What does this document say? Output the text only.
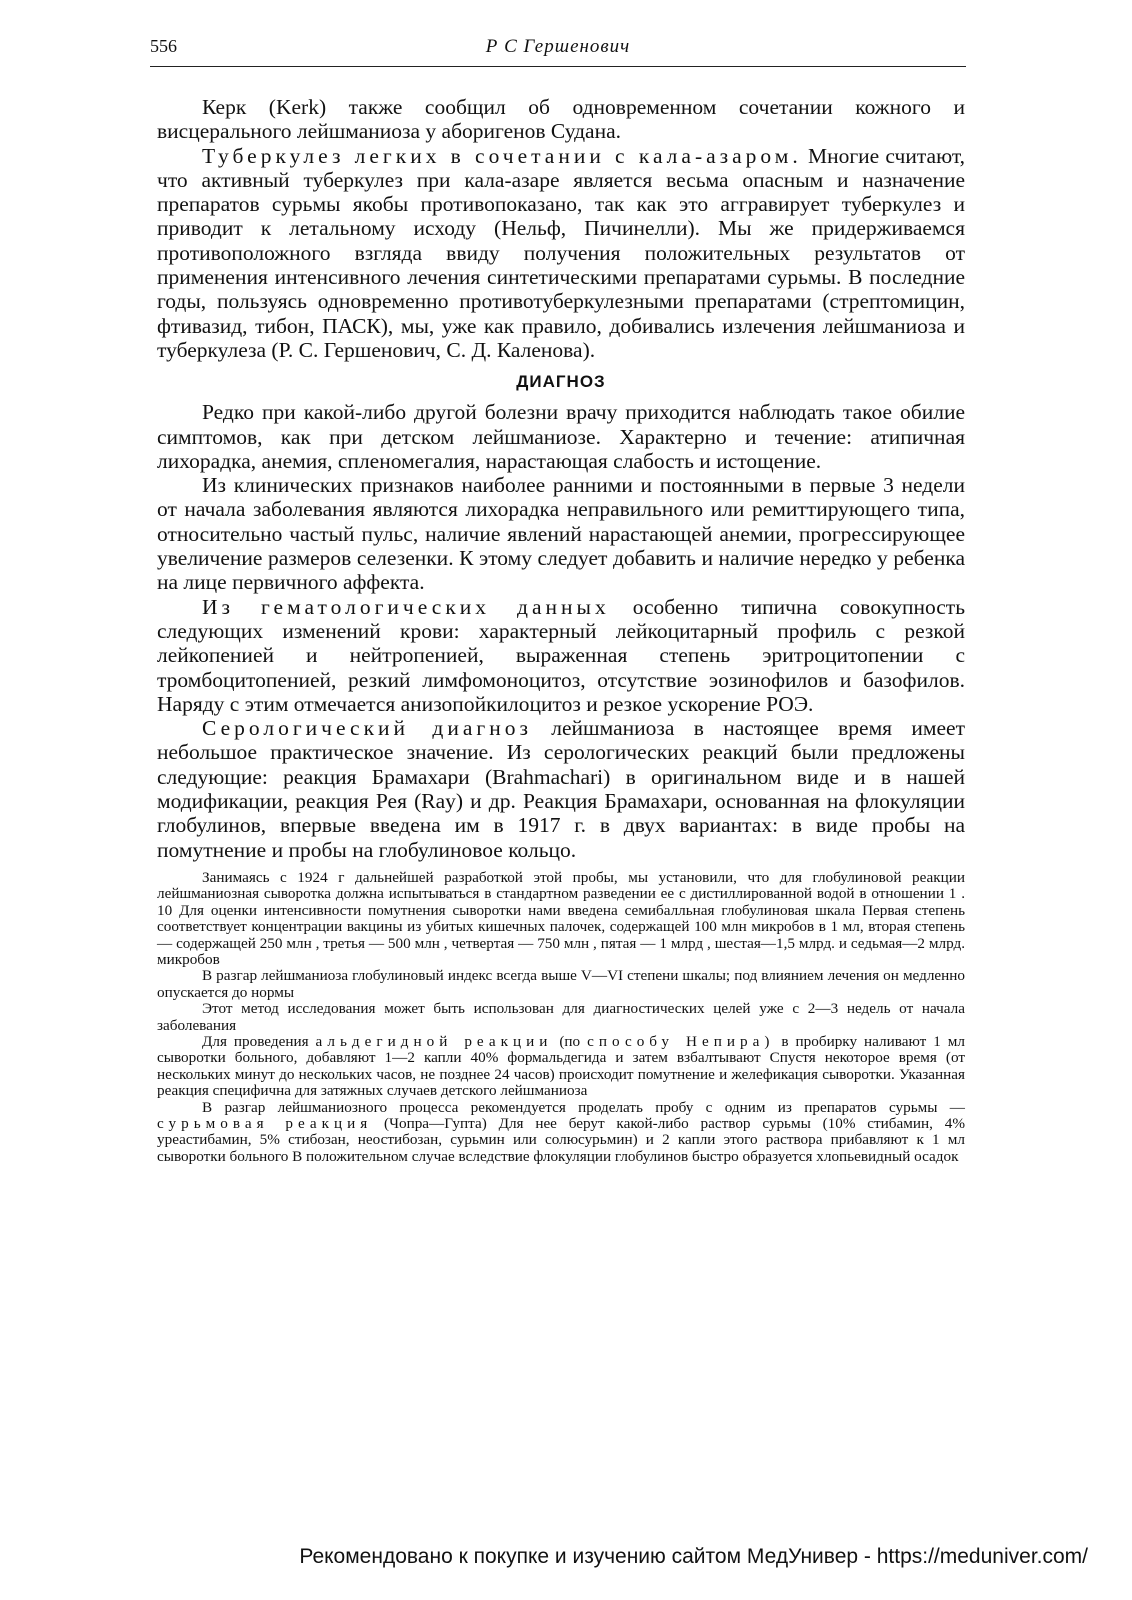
556	Р С Гершенович

Керк (Kerk) также сообщил об одновременном сочетании кожного и висцерального лейшманиоза у аборигенов Судана.

Туберкулез легких в сочетании с кала-азаром. Многие считают, что активный туберкулез при кала-азаре является весьма опасным и назначение препаратов сурьмы якобы противопоказано, так как это аггравирует туберкулез и приводит к летальному исходу (Нельф, Пичинелли). Мы же придерживаемся противоположного взгляда ввиду получения положительных результатов от применения интенсивного лечения синтетическими препаратами сурьмы. В последние годы, пользуясь одновременно противотуберкулезными препаратами (стрептомицин, фтивазид, тибон, ПАСК), мы, уже как правило, добивались излечения лейшманиоза и туберкулеза (Р. С. Гершенович, С. Д. Каленова).

ДИАГНОЗ

Редко при какой-либо другой болезни врачу приходится наблюдать такое обилие симптомов, как при детском лейшманиозе. Характерно и течение: атипичная лихорадка, анемия, спленомегалия, нарастающая слабость и истощение.

Из клинических признаков наиболее ранними и постоянными в первые 3 недели от начала заболевания являются лихорадка неправильного или ремиттирующего типа, относительно частый пульс, наличие явлений нарастающей анемии, прогрессирующее увеличение размеров селезенки. К этому следует добавить и наличие нередко у ребенка на лице первичного аффекта.

Из гематологических данных особенно типична совокупность следующих изменений крови: характерный лейкоцитарный профиль с резкой лейкопенией и нейтропенией, выраженная степень эритроцитопении с тромбоцитопенией, резкий лимфомоноцитоз, отсутствие эозинофилов и базофилов. Наряду с этим отмечается анизопойкилоцитоз и резкое ускорение РОЭ.

Серологический диагноз лейшманиоза в настоящее время имеет небольшое практическое значение. Из серологических реакций были предложены следующие: реакция Брамахари (Brahmachari) в оригинальном виде и в нашей модификации, реакция Рея (Ray) и др. Реакция Брамахари, основанная на флокуляции глобулинов, впервые введена им в 1917 г. в двух вариантах: в виде пробы на помутнение и пробы на глобулиновое кольцо.

Занимаясь с 1924 г дальнейшей разработкой этой пробы, мы установили, что для глобулиновой реакции лейшманиозная сыворотка должна испытываться в стандартном разведении ее с дистиллированной водой в отношении 1 . 10 Для оценки интенсивности помутнения сыворотки нами введена семибалльная глобулиновая шкала Первая степень соответствует концентрации вакцины из убитых кишечных палочек, содержащей 100 млн микробов в 1 мл, вторая степень — содержащей 250 млн , третья — 500 млн , четвертая — 750 млн , пятая — 1 млрд , шестая—1,5 млрд. и седьмая—2 млрд. микробов

В разгар лейшманиоза глобулиновый индекс всегда выше V—VI степени шкалы; под влиянием лечения он медленно опускается до нормы

Этот метод исследования может быть использован для диагностических целей уже с 2—3 недель от начала заболевания

Для проведения альдегидной реакции (по способу Непира) в пробирку наливают 1 мл сыворотки больного, добавляют 1—2 капли 40% формальдегида и затем взбалтывают Спустя некоторое время (от нескольких минут до нескольких часов, не позднее 24 часов) происходит помутнение и желефикация сыворотки. Указанная реакция специфична для затяжных случаев детского лейшманиоза

В разгар лейшманиозного процесса рекомендуется проделать пробу с одним из препаратов сурьмы — сурьмовая реакция (Чопра—Гупта) Для нее берут какой-либо раствор сурьмы (10% стибамин, 4% уреастибамин, 5% стибозан, неостибозан, сурьмин или солюсурьмин) и 2 капли этого раствора прибавляют к 1 мл сыворотки больного В положительном случае вследствие флокуляции глобулинов быстро образуется хлопьевидный осадок

Рекомендовано к покупке и изучению сайтом МедУнивер - https://meduniver.com/
